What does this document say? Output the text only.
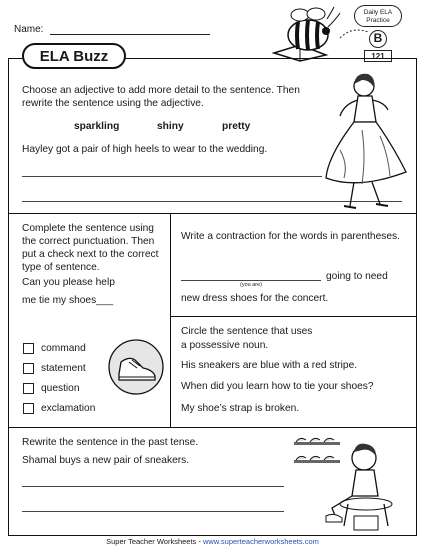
Name:
Daily ELA
Practice
B
121
ELA Buzz
Choose an adjective to add more detail to the sentence. Then rewrite the sentence using the adjective.
sparkling	shiny	pretty
Hayley got a pair of high heels to wear to the wedding.
Complete the sentence using the correct punctuation. Then put a check next to the correct type of sentence.
Can you please help
me tie my shoes___
command
statement
question
exclamation
Write a contraction for the words in parentheses.
(you are)
going to need
new dress shoes for the concert.
Circle the sentence that uses
a possessive noun.
His sneakers are blue with a red stripe.
When did you learn how to tie your shoes?
My shoe’s strap is broken.
Rewrite the sentence in the past tense.
Shamal buys a new pair of sneakers.
Super Teacher Worksheets - www.superteacherworksheets.com
